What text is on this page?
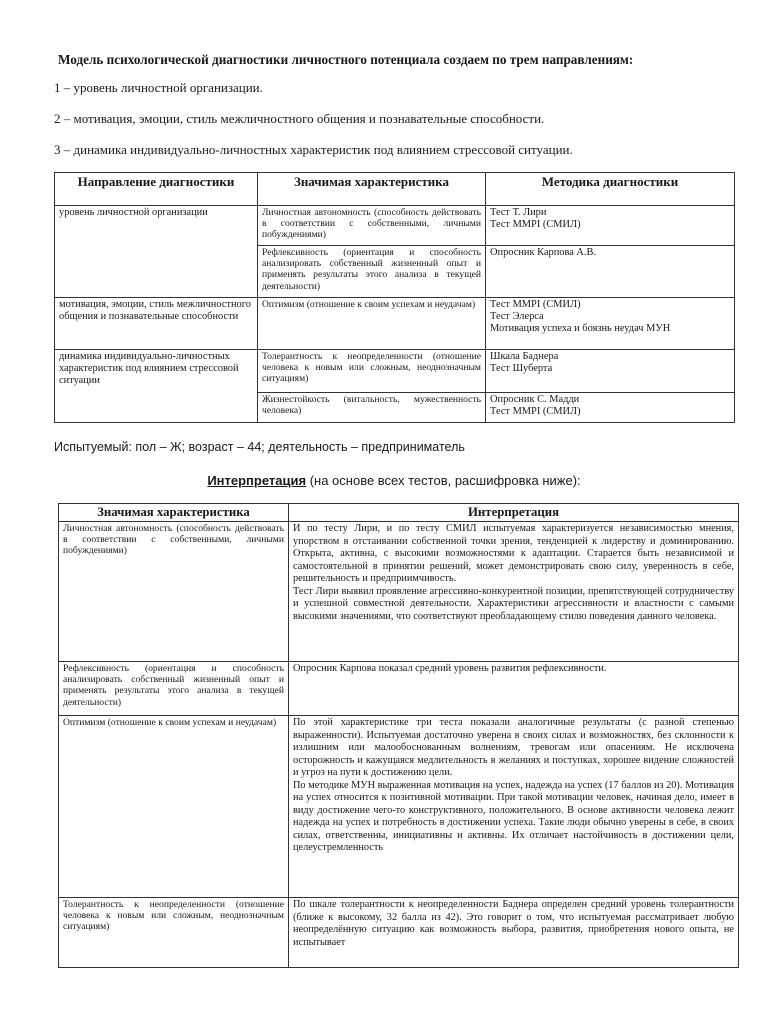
Модель психологической диагностики личностного потенциала создаем по трем направлениям:
1 – уровень личностной организации.
2 – мотивация, эмоции, стиль межличностного общения и познавательные способности.
3 – динамика индивидуально-личностных характеристик под влиянием стрессовой ситуации.
Направление диагностики	Значимая характеристика	Методика диагностики
уровень личностной организации	Личностная автономность (способность действовать в соответствии с собственными, личными побуждениями)	Тест Т. Лири
Тест MMPI (СМИЛ)

	Рефлексивность (ориентация и способность анализировать собственный жизненный опыт и применять результаты этого анализа в текущей деятельности)	Опросник Карпова А.В.

мотивация, эмоции, стиль межличностного общения и познавательные способности	Оптимизм (отношение к своим успехам и неудачам)	Тест MMPI (СМИЛ)
Тест Элерса
Мотивация успеха и боязнь неудач МУН

динамика индивидуально-личностных характеристик под влиянием стрессовой ситуации	Толерантность к неопределенности (отношение человека к новым или сложным, неоднозначным ситуациям)	Шкала Баднера
Тест Шуберта

	Жизнестойкость (витальность, мужественность человека)	Опросник С. Мадди
Тест MMPI (СМИЛ)
Испытуемый: пол – Ж; возраст – 44; деятельность – предприниматель
Интерпретация (на основе всех тестов, расшифровка ниже):
Значимая характеристика	Интерпретация
Личностная автономность (способность действовать в соответствии с собственными, личными побуждениями)	И по тесту Лири, и по тесту СМИЛ испытуемая характеризуется независимостью мнения, упорством в отстаивании собственной точки зрения, тенденцией к лидерству и доминированию. Открыта, активна, с высокими возможностями к адаптации. Старается быть независимой и самостоятельной в принятии решений, может демонстрировать свою силу, уверенность в себе, решительность и предприимчивость.

Тест Лири выявил проявление агрессивно-конкурентной позиции, препятствующей сотрудничеству и успешной совместной деятельности. Характеристики агрессивности и властности с самыми высокими значениями, что соответствуют преобладающему стилю поведения данного человека.

Рефлексивность (ориентация и способность анализировать собственный жизненный опыт и применять результаты этого анализа в текущей деятельности)	Опросник Карпова показал средний уровень развития рефлексивности.

Оптимизм (отношение к своим успехам и неудачам)	По этой характеристике три теста показали аналогичные результаты (с разной степенью выраженности). Испытуемая достаточно уверена в своих силах и возможностях, без склонности к излишним или малообоснованным волнениям, тревогам или опасениям. Не исключена осторожность и кажущаяся медлительность в желаниях и поступках, хорошее видение сложностей и угроз на пути к достижению цели.

По методике МУН выраженная мотивация на успех, надежда на успех (17 баллов из 20). Мотивация на успех относится к позитивной мотивации. При такой мотивации человек, начиная дело, имеет в виду достижение чего-то конструктивного, положительного. В основе активности человека лежит надежда на успех и потребность в достижении успеха. Такие люди обычно уверены в себе, в своих силах, ответственны, инициативны и активны. Их отличает настойчивость в достижении цели, целеустремленность

Толерантность к неопределенности (отношение человека к новым или сложным, неоднозначным ситуациям)	По шкале толерантности к неопределенности Баднера определен средний уровень толерантности (ближе к высокому, 32 балла из 42). Это говорит о том, что испытуемая рассматривает любую неопределённую ситуацию как возможность выбора, развития, приобретения нового опыта, не испытывает
